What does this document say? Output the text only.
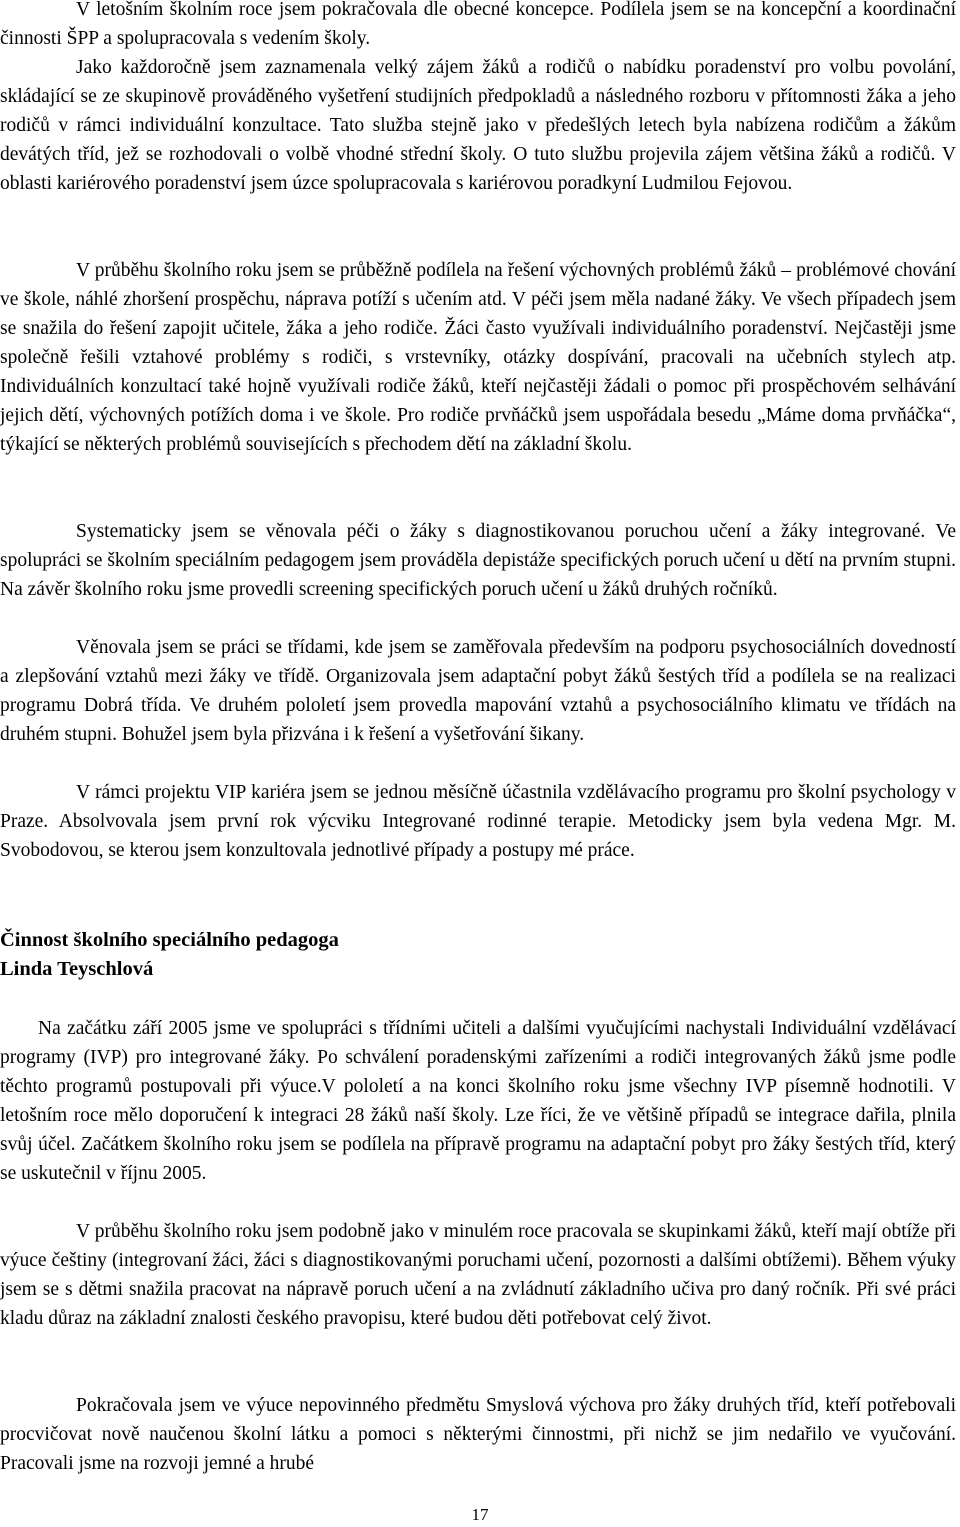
V letošním školním roce jsem pokračovala dle obecné koncepce. Podílela jsem se na koncepční a koordinační činnosti ŠPP a spolupracovala s vedením školy.

Jako každoročně jsem zaznamenala velký zájem žáků a rodičů o nabídku poradenství pro volbu povolání, skládající se ze skupinově prováděného vyšetření studijních předpokladů a následného rozboru v přítomnosti žáka a jeho rodičů v rámci individuální konzultace. Tato služba stejně jako v předešlých letech byla nabízena rodičům a žákům devátých tříd, jež se rozhodovali o volbě vhodné střední školy. O tuto službu projevila zájem většina žáků a rodičů. V oblasti kariérového poradenství jsem úzce spolupracovala s kariérovou poradkyní Ludmilou Fejovou.

V průběhu školního roku jsem se průběžně podílela na řešení výchovných problémů žáků – problémové chování ve škole, náhlé zhoršení prospěchu, náprava potíží s učením atd. V péči jsem měla nadané žáky. Ve všech případech jsem se snažila do řešení zapojit učitele, žáka a jeho rodiče. Žáci často využívali individuálního poradenství. Nejčastěji jsme společně řešili vztahové problémy s rodiči, s vrstevníky, otázky dospívání, pracovali na učebních stylech atp. Individuálních konzultací také hojně využívali rodiče žáků, kteří nejčastěji žádali o pomoc při prospěchovém selhávání jejich dětí, výchovných potížích doma i ve škole. Pro rodiče prvňáčků jsem uspořádala besedu „Máme doma prvňáčka“, týkající se některých problémů souvisejících s přechodem dětí na základní školu.

Systematicky jsem se věnovala péči o žáky s diagnostikovanou poruchou učení a žáky integrované. Ve spolupráci se školním speciálním pedagogem jsem prováděla depistáže specifických poruch učení u dětí na prvním stupni. Na závěr školního roku jsme provedli screening specifických poruch učení u žáků druhých ročníků.

Věnovala jsem se práci se třídami, kde jsem se zaměřovala především na podporu psychosociálních dovedností a zlepšování vztahů mezi žáky ve třídě. Organizovala jsem adaptační pobyt žáků šestých tříd a podílela se na realizaci programu Dobrá třída. Ve druhém pololetí jsem provedla mapování vztahů a psychosociálního klimatu ve třídách na druhém stupni. Bohužel jsem byla přizvána i k řešení a vyšetřování šikany.

V rámci projektu VIP kariéra jsem se jednou měsíčně účastnila vzdělávacího programu pro školní psychology v Praze. Absolvovala jsem první rok výcviku Integrované rodinné terapie. Metodicky jsem byla vedena Mgr. M. Svobodovou, se kterou jsem konzultovala jednotlivé případy a postupy mé práce.

Činnost školního speciálního pedagoga
Linda Teyschlová

Na začátku září 2005 jsme ve spolupráci s třídními učiteli a dalšími vyučujícími nachystali Individuální vzdělávací programy (IVP) pro integrované žáky. Po schválení poradenskými zařízeními a rodiči integrovaných žáků jsme podle těchto programů postupovali při výuce.V pololetí a na konci školního roku jsme všechny IVP písemně hodnotili. V letošním roce mělo doporučení k integraci 28 žáků naší školy. Lze říci, že ve většině případů se integrace dařila, plnila svůj účel. Začátkem školního roku jsem se podílela na přípravě programu na adaptační pobyt pro žáky šestých tříd, který se uskutečnil v říjnu 2005.

V průběhu školního roku jsem podobně jako v minulém roce pracovala se skupinkami žáků, kteří mají obtíže při výuce češtiny (integrovaní žáci, žáci s diagnostikovanými poruchami učení, pozornosti a dalšími obtížemi). Během výuky jsem se s dětmi snažila pracovat na nápravě poruch učení a na zvládnutí základního učiva pro daný ročník. Při své práci kladu důraz na základní znalosti českého pravopisu, které budou děti potřebovat celý život.

Pokračovala jsem ve výuce nepovinného předmětu Smyslová výchova pro žáky druhých tříd, kteří potřebovali procvičovat nově naučenou školní látku a pomoci s některými činnostmi, při nichž se jim nedařilo ve vyučování. Pracovali jsme na rozvoji jemné a hrubé

17
